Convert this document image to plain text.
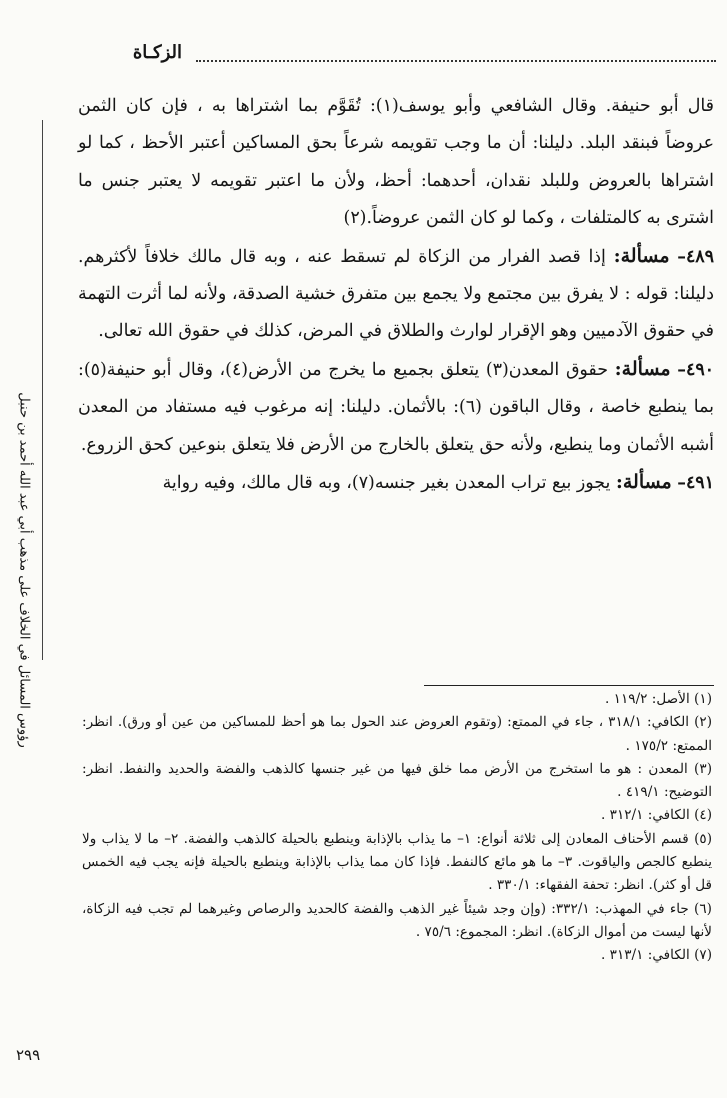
الزكـاة
رؤوس المسائل في الخلاف على مذهب أبي عبد الله أحمد بن حنبل

قال أبو حنيفة. وقال الشافعي وأبو يوسف(١): تُقَوَّم بما اشتراها به ، فإن كان الثمن عروضاً فبنقد البلد. دليلنا: أن ما وجب تقويمه شرعاً بحق المساكين أعتبر الأحظ ، كما لو اشتراها بالعروض وللبلد نقدان، أحدهما: أحظ، ولأن ما اعتبر تقويمه لا يعتبر جنس ما اشترى به كالمتلفات ، وكما لو كان الثمن عروضاً.(٢)

٤٨٩– مسألة: إذا قصد الفرار من الزكاة لم تسقط عنه ، وبه قال مالك خلافاً لأكثرهم. دليلنا: قوله : لا يفرق بين مجتمع ولا يجمع بين متفرق خشية الصدقة، ولأنه لما أثرت التهمة في حقوق الآدميين وهو الإقرار لوارث والطلاق في المرض، كذلك في حقوق الله تعالى.

٤٩٠– مسألة: حقوق المعدن(٣) يتعلق بجميع ما يخرج من الأرض(٤)، وقال أبو حنيفة(٥): بما ينطبع خاصة ، وقال الباقون (٦): بالأثمان. دليلنا: إنه مرغوب فيه مستفاد من المعدن أشبه الأثمان وما ينطبع، ولأنه حق يتعلق بالخارج من الأرض فلا يتعلق بنوعين كحق الزروع.

٤٩١– مسألة: يجوز بيع تراب المعدن بغير جنسه(٧)، وبه قال مالك، وفيه رواية

(١) الأصل: ١١٩/٢ .

(٢) الكافي: ٣١٨/١ ، جاء في الممتع: (وتقوم العروض عند الحول بما هو أحظ للمساكين من عين أو ورق). انظر: الممتع: ١٧٥/٢ .

(٣) المعدن : هو ما استخرج من الأرض مما خلق فيها من غير جنسها كالذهب والفضة والحديد والنفط. انظر: التوضيح: ٤١٩/١ .

(٤) الكافي: ٣١٢/١ .

(٥) قسم الأحناف المعادن إلى ثلاثة أنواع: ١– ما يذاب بالإذابة وينطبع بالحيلة كالذهب والفضة. ٢– ما لا يذاب ولا ينطبع كالجص والياقوت. ٣– ما هو مائع كالنفط. فإذا كان مما يذاب بالإذابة وينطبع بالحيلة فإنه يجب فيه الخمس قل أو كثر). انظر: تحفة الفقهاء: ٣٣٠/١ .

(٦) جاء في المهذب: ٣٣٢/١: (وإن وجد شيئاً غير الذهب والفضة كالحديد والرصاص وغيرهما لم تجب فيه الزكاة، لأنها ليست من أموال الزكاة). انظر: المجموع: ٧٥/٦ .

(٧) الكافي: ٣١٣/١ .

٢٩٩
